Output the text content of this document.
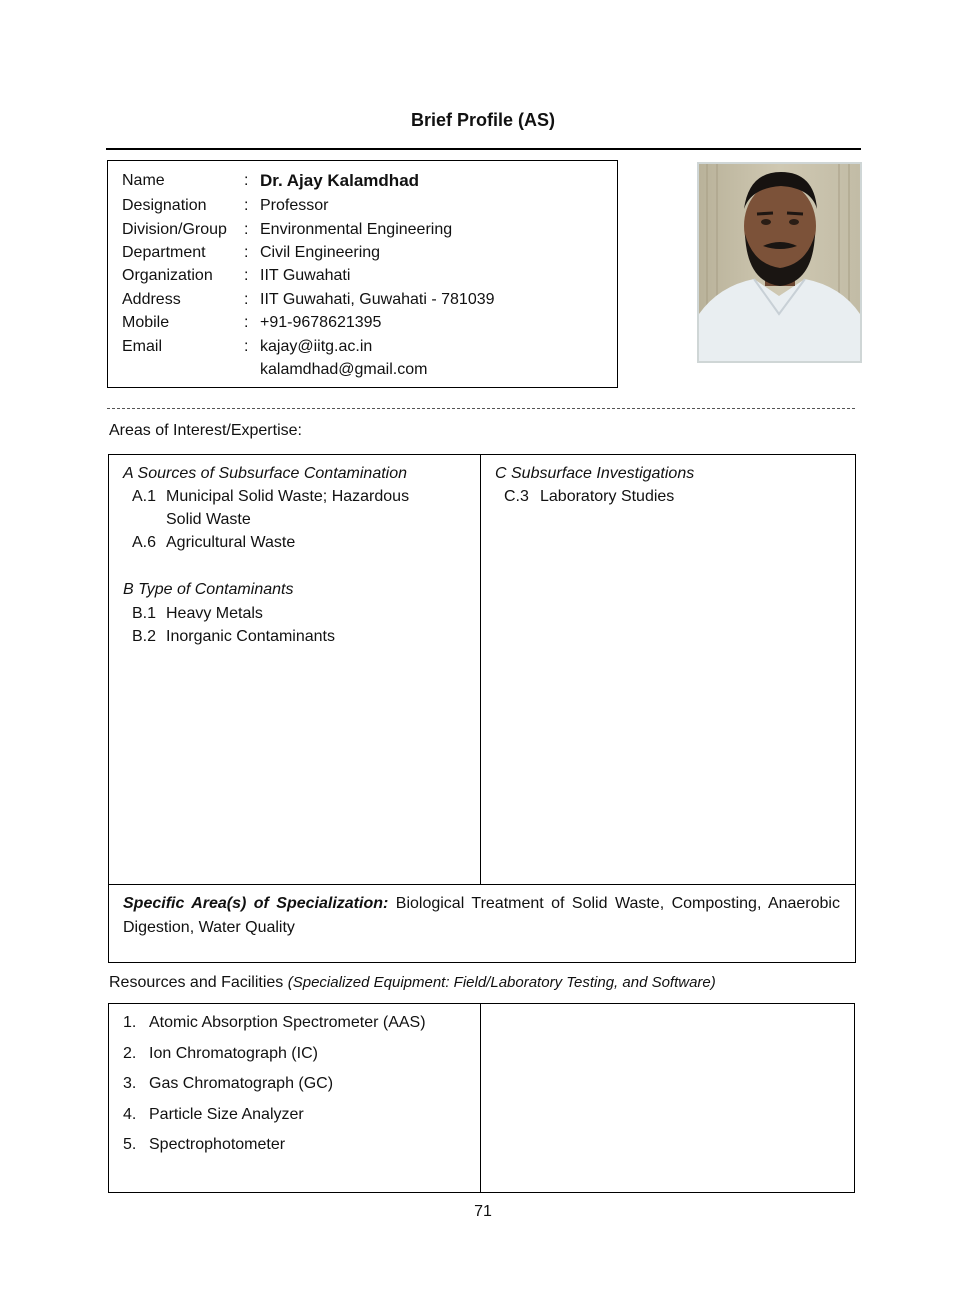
Brief Profile (AS)
Name	: Dr. Ajay Kalamdhad
Designation : Professor
Division/Group : Environmental Engineering
Department : Civil Engineering
Organization : IIT Guwahati
Address	: IIT Guwahati, Guwahati - 781039
Mobile	: +91-9678621395
Email	: kajay@iitg.ac.in
kalamdhad@gmail.com
Areas of Interest/Expertise:
A Sources of Subsurface Contamination
A.1 Municipal Solid Waste; Hazardous
Solid Waste
A.6 Agricultural Waste
B Type of Contaminants
B.1 Heavy Metals
B.2 Inorganic Contaminants
C Subsurface Investigations
C.3 Laboratory Studies
Specific Area(s) of Specialization: Biological Treatment of Solid Waste, Composting, Anaerobic Digestion, Water Quality
Resources and Facilities (Specialized Equipment: Field/Laboratory Testing, and Software)
1. Atomic Absorption Spectrometer (AAS)
2. Ion Chromatograph (IC)
3. Gas Chromatograph (GC)
4. Particle Size Analyzer
5. Spectrophotometer
71
